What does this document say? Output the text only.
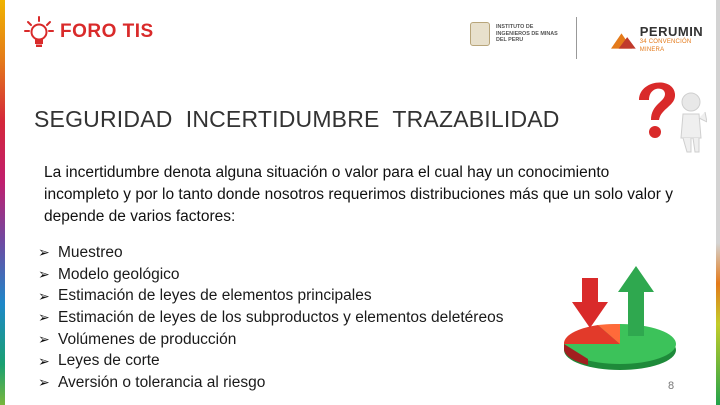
FORO TIS	INSTITUTO DE INGENIEROS DE MINAS DEL PERU
PERUMIN
34 CONVENCIÓN MINERA
SEGURIDAD  INCERTIDUMBRE  TRAZABILIDAD
La incertidumbre denota alguna situación o valor para el cual hay un conocimiento incompleto y por lo tanto donde nosotros requerimos distribuciones más que un solo valor y depende de varios factores:
➢ Muestreo
➢ Modelo geológico
➢ Estimación de leyes de elementos principales
➢ Estimación de leyes de los subproductos y elementos deletéreos
➢ Volúmenes de producción
➢ Leyes de corte
➢ Aversión o tolerancia al riesgo	8
